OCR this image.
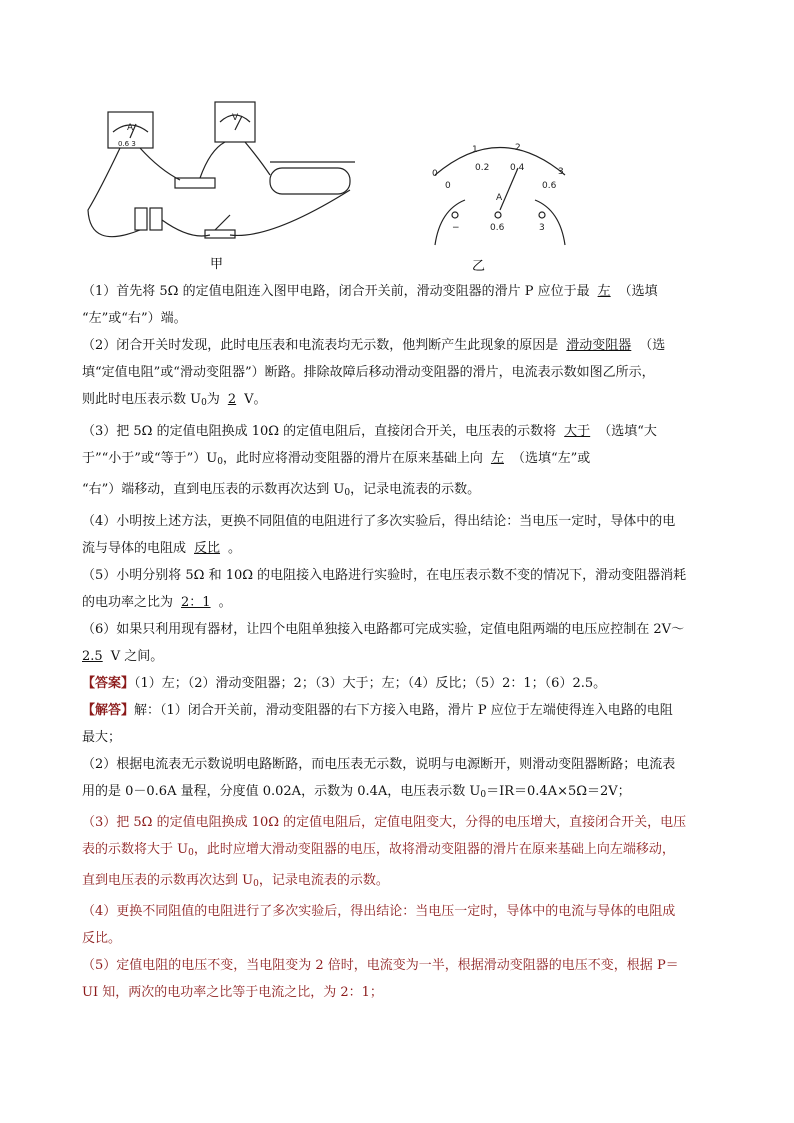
A
0.6 3
V
0
1	2
3
0
0.2 0.4
0.6
A
−	0.6	3
甲	乙
（1）首先将 5Ω 的定值电阻连入图甲电路，闭合开关前，滑动变阻器的滑片 P 应位于最 左 （选填
“左”或“右”）端。
（2）闭合开关时发现，此时电压表和电流表均无示数，他判断产生此现象的原因是 滑动变阻器 （选
填“定值电阻”或“滑动变阻器”）断路。排除故障后移动滑动变阻器的滑片，电流表示数如图乙所示，
则此时电压表示数 $U_0$为 2 V。
（3）把 5Ω 的定值电阻换成 10Ω 的定值电阻后，直接闭合开关，电压表的示数将 大于 （选填“大
于”“小于”或“等于$”)U_0$，此时应将滑动变阻器的滑片在原来基础上向 左 （选填“左”或
“右”）端移动，直到电压表的示数再次达到 $U_0$，记录电流表的示数。
（4）小明按上述方法，更换不同阻值的电阻进行了多次实验后，得出结论：当电压一定时，导体中的电
流与导体的电阻成 反比 。
（5）小明分别将 5Ω 和 10Ω 的电阻接入电路进行实验时，在电压表示数不变的情况下，滑动变阻器消耗
的电功率之比为 2：1 。
（6）如果只利用现有器材，让四个电阻单独接入电路都可完成实验，定值电阻两端的电压应控制在 2V～
2.5 V 之间。
【答案】（1）左；（2）滑动变阻器；2；（3）大于；左；（4）反比；（5）2：1；（6）2.5。
【解答】解：（1）闭合开关前，滑动变阻器的右下方接入电路，滑片 P 应位于左端使得连入电路的电阻
最大；
（2）根据电流表无示数说明电路断路，而电压表无示数，说明与电源断开，则滑动变阻器断路；电流表
用的是 0－0.6A 量程，分度值 0.02A，示数为 0.4A，电压表示数 $U_0=IR=0.4A\times 5\Omega=2V$；
（3）把 5Ω 的定值电阻换成 10Ω 的定值电阻后，定值电阻变大，分得的电压增大，直接闭合开关，电压
表的示数将大于 $U_0$，此时应增大滑动变阻器的电压，故将滑动变阻器的滑片在原来基础上向左端移动，
直到电压表的示数再次达到 $U_0$，记录电流表的示数。
（4）更换不同阻值的电阻进行了多次实验后，得出结论：当电压一定时，导体中的电流与导体的电阻成
反比。
（5）定值电阻的电压不变，当电阻变为 2 倍时，电流变为一半，根据滑动变阻器的电压不变，根据 P＝
UI 知，两次的电功率之比等于电流之比，为 2：1；
